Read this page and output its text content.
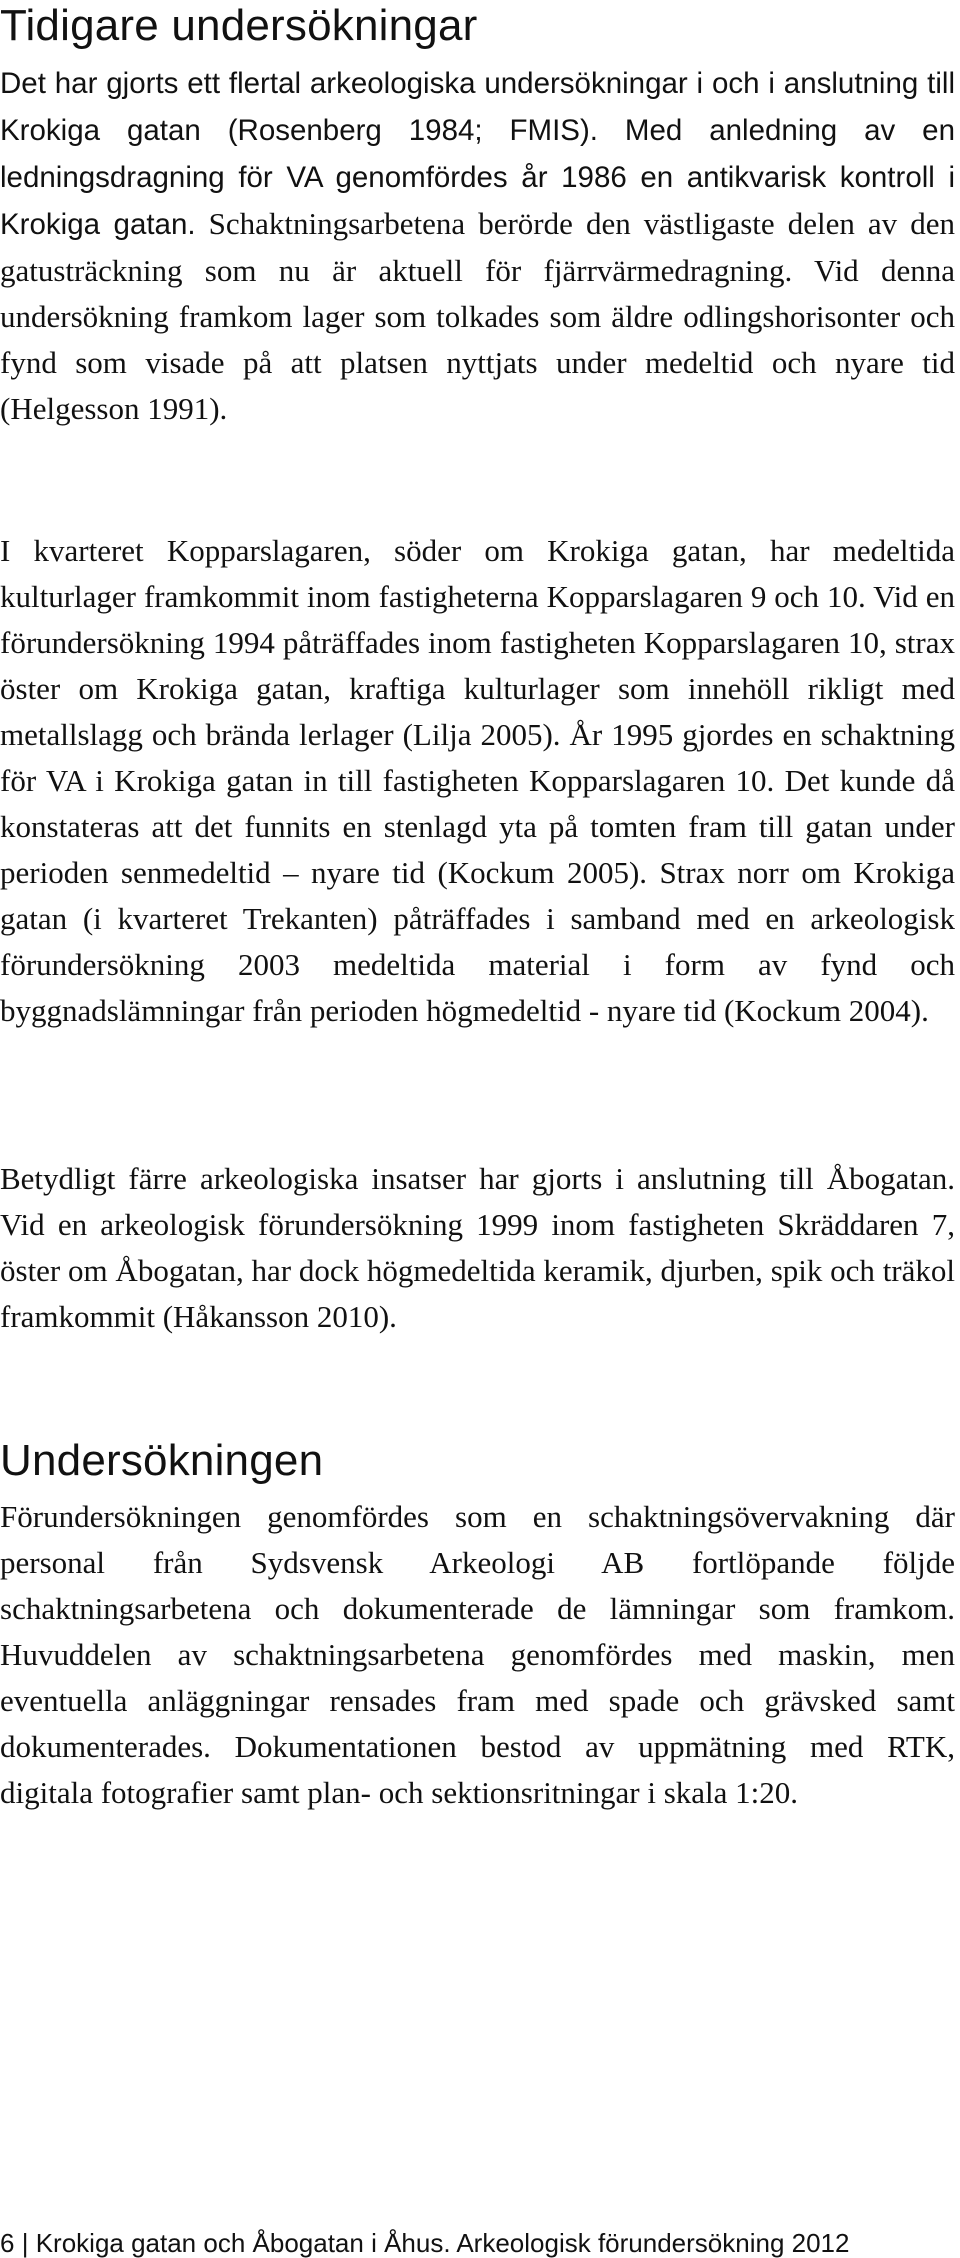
Tidigare undersökningar

Det har gjorts ett flertal arkeologiska undersökningar i och i anslutning till Krokiga gatan (Rosenberg 1984; FMIS). Med anledning av en ledningsdragning för VA genomfördes år 1986 en antikvarisk kontroll i Krokiga gatan. Schaktningsarbetena berörde den västligaste delen av den gatusträckning som nu är aktuell för fjärrvärmedragning. Vid denna undersökning framkom lager som tolkades som äldre odlingshorisonter och fynd som visade på att platsen nyttjats under medeltid och nyare tid (Helgesson 1991).

I kvarteret Kopparslagaren, söder om Krokiga gatan, har medeltida kulturlager framkommit inom fastigheterna Kopparslagaren 9 och 10. Vid en förundersökning 1994 påträffades inom fastigheten Kopparslagaren 10, strax öster om Krokiga gatan, kraftiga kulturlager som innehöll rikligt med metallslagg och brända lerlager (Lilja 2005). År 1995 gjordes en schaktning för VA i Krokiga gatan in till fastigheten Kopparslagaren 10. Det kunde då konstateras att det funnits en stenlagd yta på tomten fram till gatan under perioden senmedeltid – nyare tid (Kockum 2005). Strax norr om Krokiga gatan (i kvarteret Trekanten) påträffades i samband med en arkeologisk förundersökning 2003 medeltida material i form av fynd och byggnadslämningar från perioden högmedeltid - nyare tid (Kockum 2004).

Betydligt färre arkeologiska insatser har gjorts i anslutning till Åbogatan. Vid en arkeologisk förundersökning 1999 inom fastigheten Skräddaren 7, öster om Åbogatan, har dock högmedeltida keramik, djurben, spik och träkol framkommit (Håkansson 2010).

Undersökningen

Förundersökningen genomfördes som en schaktningsövervakning där personal från Sydsvensk Arkeologi AB fortlöpande följde schaktningsarbetena och dokumenterade de lämningar som framkom. Huvuddelen av schaktningsarbetena genomfördes med maskin, men eventuella anläggningar rensades fram med spade och grävsked samt dokumenterades. Dokumentationen bestod av uppmätning med RTK, digitala fotografier samt plan- och sektionsritningar i skala 1:20.

6 | Krokiga gatan och Åbogatan i Åhus. Arkeologisk förundersökning 2012
